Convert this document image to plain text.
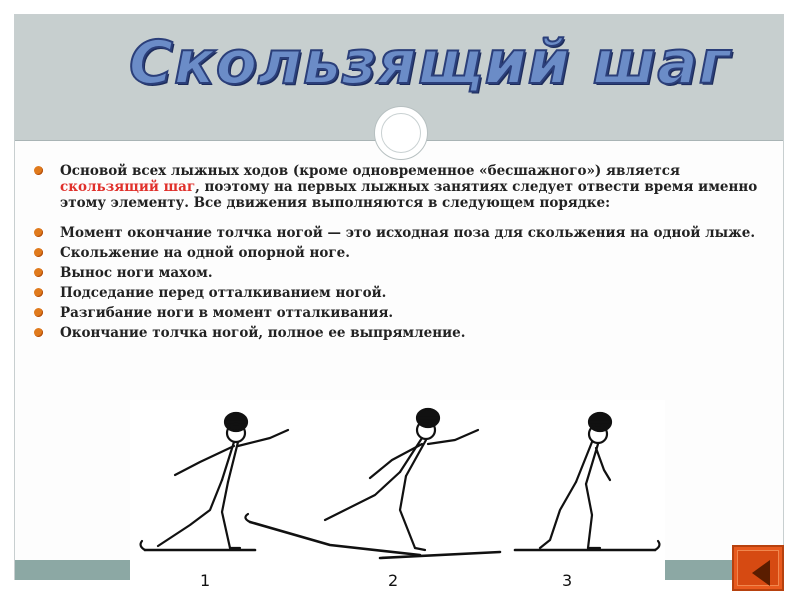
Скользящий шаг
Основой всех лыжных ходов (кроме одновременное «бесшажного») является скользящий шаг, поэтому на первых лыжных занятиях следует отвести время именно этому элементу. Все движения выполняются в следующем порядке:
Момент окончание толчка ногой — это исходная поза для скольжения на одной лыже.
Скольжение на одной опорной ноге.
Вынос ноги махом.
Подседание перед отталкиванием ногой.
Разгибание ноги в момент отталкивания.
Окончание толчка ногой, полное ее выпрямление.
1	2	3
